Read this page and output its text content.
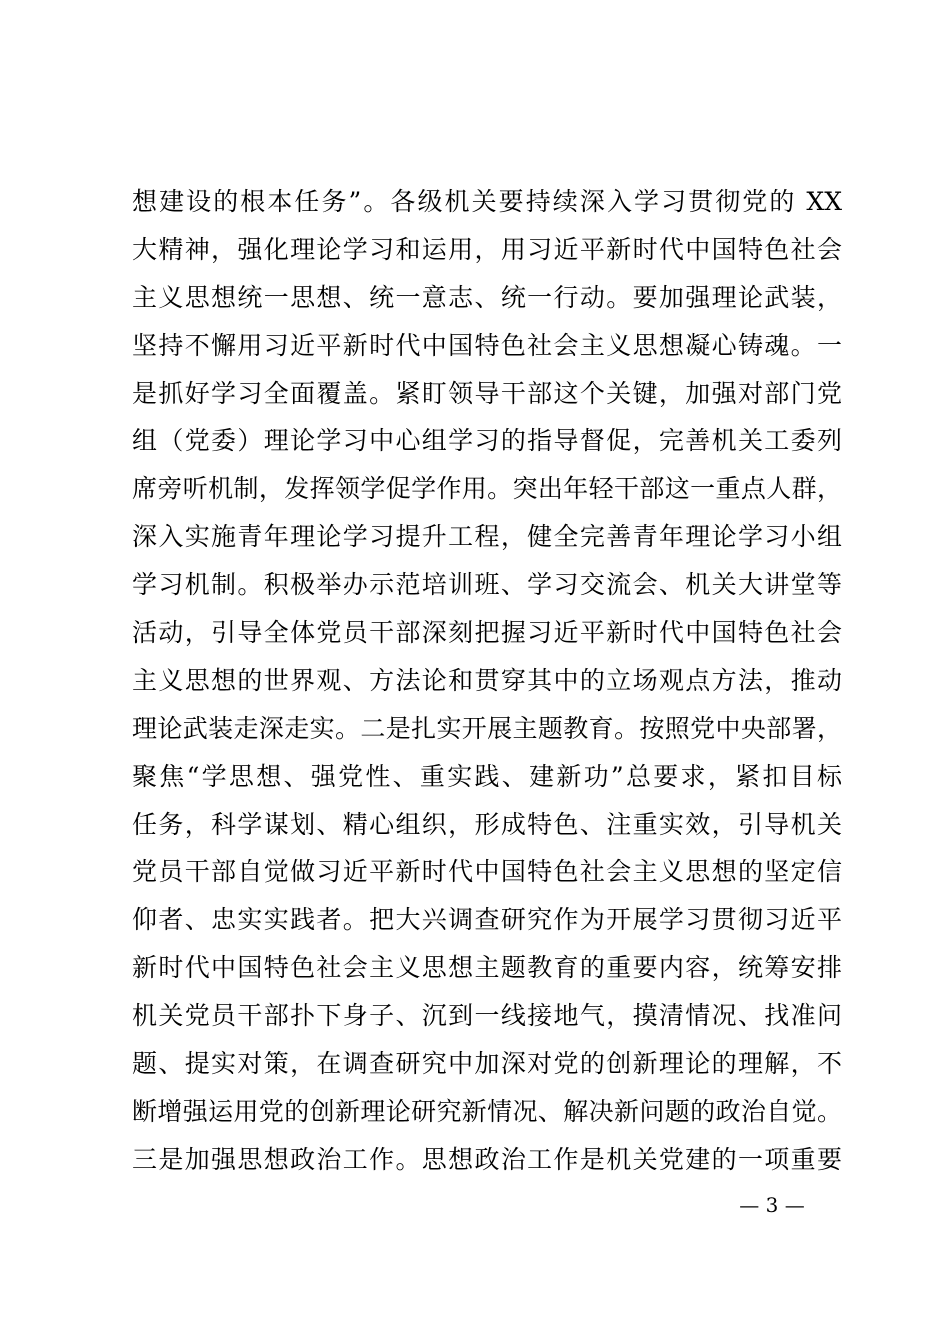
想建设的根本任务”。各级机关要持续深入学习贯彻党的 XX
大精神，强化理论学习和运用，用习近平新时代中国特色社会
主义思想统一思想、统一意志、统一行动。要加强理论武装，
坚持不懈用习近平新时代中国特色社会主义思想凝心铸魂。一
是抓好学习全面覆盖。紧盯领导干部这个关键，加强对部门党
组（党委）理论学习中心组学习的指导督促，完善机关工委列
席旁听机制，发挥领学促学作用。突出年轻干部这一重点人群，
深入实施青年理论学习提升工程，健全完善青年理论学习小组
学习机制。积极举办示范培训班、学习交流会、机关大讲堂等
活动，引导全体党员干部深刻把握习近平新时代中国特色社会
主义思想的世界观、方法论和贯穿其中的立场观点方法，推动
理论武装走深走实。二是扎实开展主题教育。按照党中央部署，
聚焦“学思想、强党性、重实践、建新功”总要求，紧扣目标
任务，科学谋划、精心组织，形成特色、注重实效，引导机关
党员干部自觉做习近平新时代中国特色社会主义思想的坚定信
仰者、忠实实践者。把大兴调查研究作为开展学习贯彻习近平
新时代中国特色社会主义思想主题教育的重要内容，统筹安排
机关党员干部扑下身子、沉到一线接地气，摸清情况、找准问
题、提实对策，在调查研究中加深对党的创新理论的理解，不
断增强运用党的创新理论研究新情况、解决新问题的政治自觉。
三是加强思想政治工作。思想政治工作是机关党建的一项重要
— 3 —
